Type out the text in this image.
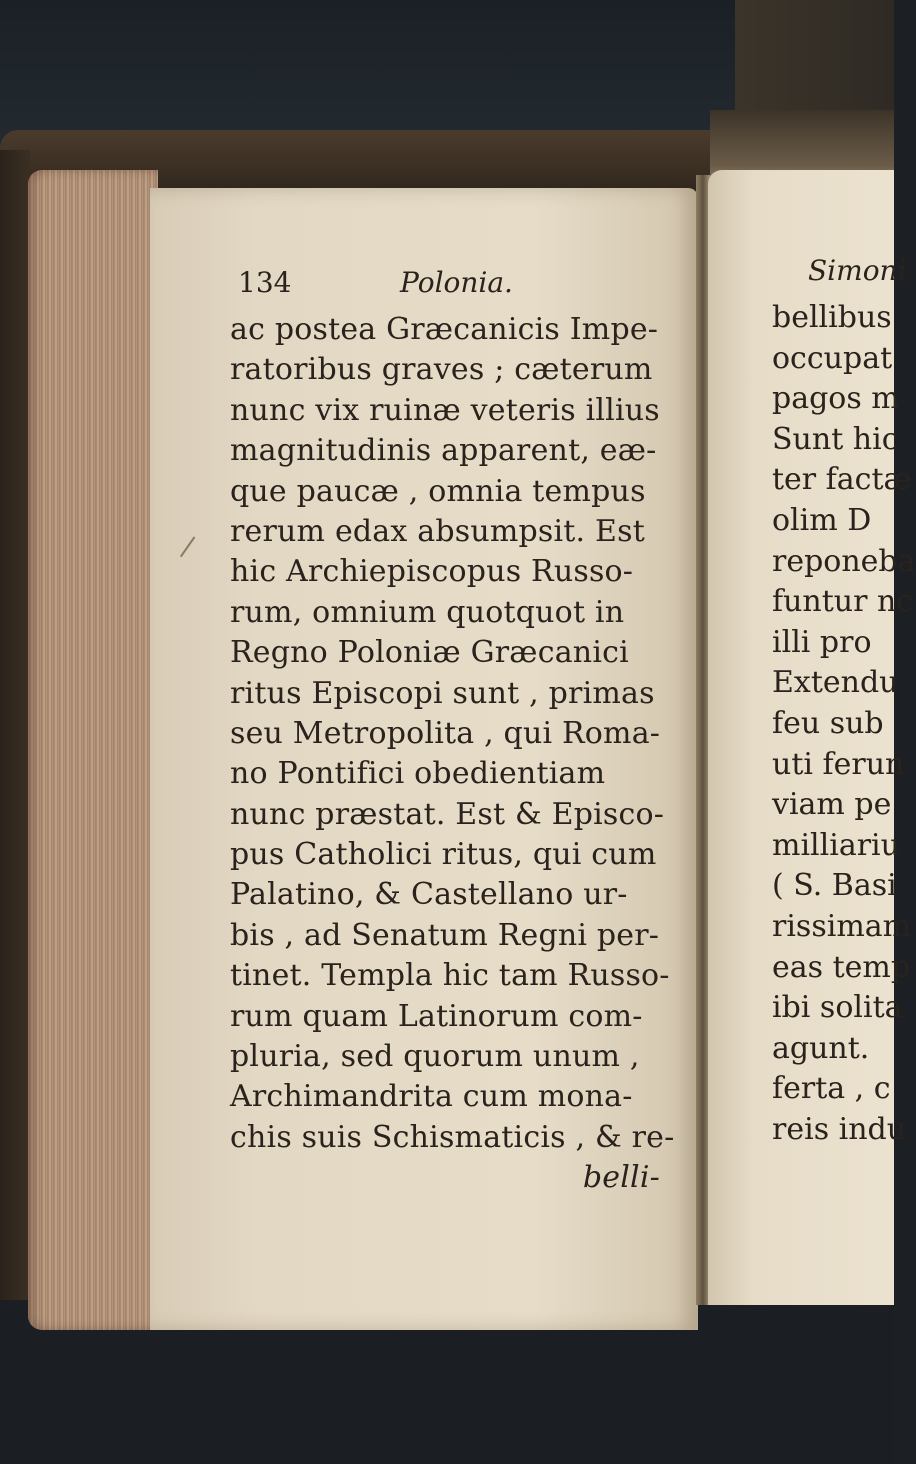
134	Polonia.	Simoni
ac postea Græcanicis Impe-
ratoribus graves ; cæterum
nunc vix ruinæ veteris illius
magnitudinis apparent, eæ-
que paucæ , omnia tempus
rerum edax absumpsit. Est
hic Archiepiscopus Russo-
rum, omnium quotquot in
Regno Poloniæ Græcanici
ritus Episcopi sunt , primas
seu Metropolita , qui Roma-
no Pontifici obedientiam
nunc præstat. Est & Episco-
pus Catholici ritus, qui cum
Palatino, & Castellano ur-
bis , ad Senatum Regni per-
tinet. Templa hic tam Russo-
rum quam Latinorum com-
pluria, sed quorum unum ,
Archimandrita cum mona-
chis suis Schismaticis , & re-
belli-
bellibus
occupat
pagos m
Sunt hic
ter factæ
olim D
reponeba
funtur nc
illi pro
Extendu
feu sub
uti ferun
viam pe
milliariu
( S. Basi
rissimam
eas temp
ibi solita
agunt.
ferta , c
reis indu
